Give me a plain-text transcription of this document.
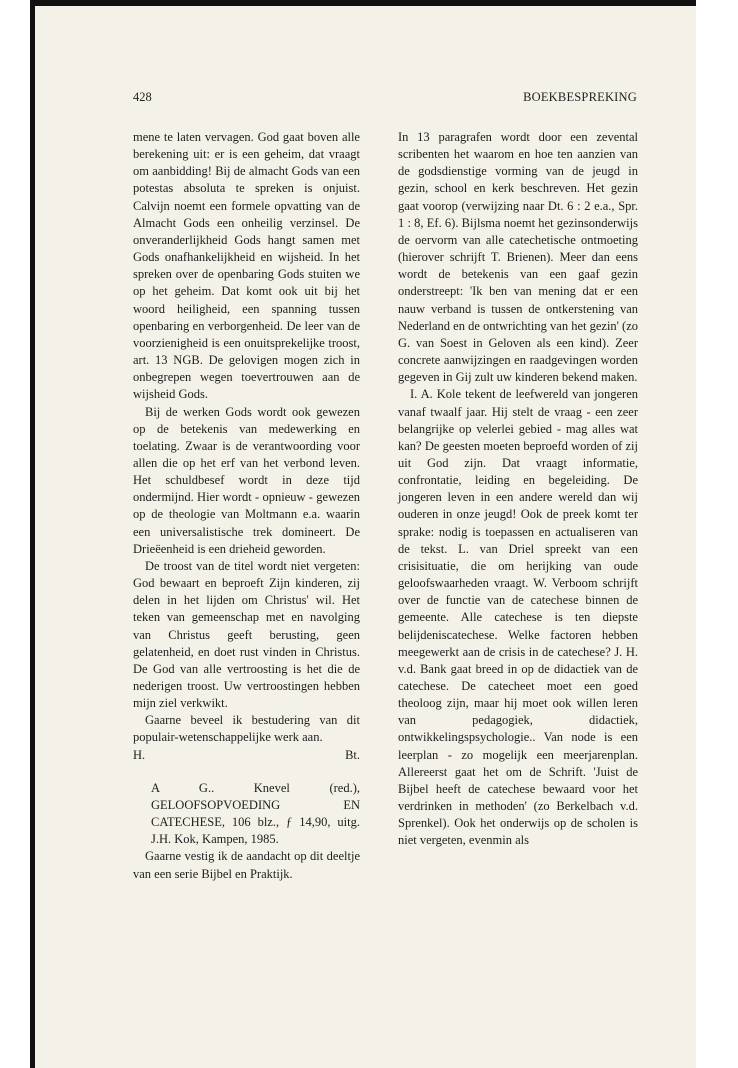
428	BOEKBESPREKING

mene te laten vervagen. God gaat boven alle berekening uit: er is een geheim, dat vraagt om aanbidding! Bij de almacht Gods van een potestas absoluta te spreken is onjuist. Calvijn noemt een formele opvatting van de Almacht Gods een onheilig verzinsel. De onveranderlijkheid Gods hangt samen met Gods onafhankelijkheid en wijsheid. In het spreken over de openbaring Gods stuiten we op het geheim. Dat komt ook uit bij het woord heiligheid, een spanning tussen openbaring en verborgenheid. De leer van de voorzienigheid is een onuitsprekelijke troost, art. 13 NGB. De gelovigen mogen zich in onbegrepen wegen toevertrouwen aan de wijsheid Gods.

Bij de werken Gods wordt ook gewezen op de betekenis van medewerking en toelating. Zwaar is de verantwoording voor allen die op het erf van het verbond leven. Het schuldbesef wordt in deze tijd ondermijnd. Hier wordt - opnieuw - gewezen op de theologie van Moltmann e.a. waarin een universalistische trek domineert. De Drieëenheid is een drieheid geworden.

De troost van de titel wordt niet vergeten: God bewaart en beproeft Zijn kinderen, zij delen in het lijden om Christus' wil. Het teken van gemeenschap met en navolging van Christus geeft berusting, geen gelatenheid, en doet rust vinden in Christus. De God van alle vertroosting is het die de nederigen troost. Uw vertroostingen hebben mijn ziel verkwikt.

Gaarne beveel ik bestudering van dit populair-wetenschappelijke werk aan.

H.	Bt.

A G.. Knevel (red.), GELOOFSOPVOEDING EN CATECHESE, 106 blz., ƒ 14,90, uitg. J.H. Kok, Kampen, 1985.

Gaarne vestig ik de aandacht op dit deeltje van een serie Bijbel en Praktijk.

In 13 paragrafen wordt door een zevental scribenten het waarom en hoe ten aanzien van de godsdienstige vorming van de jeugd in gezin, school en kerk beschreven. Het gezin gaat voorop (verwijzing naar Dt. 6 : 2 e.a., Spr. 1 : 8, Ef. 6). Bijlsma noemt het gezinsonderwijs de oervorm van alle catechetische ontmoeting (hierover schrijft T. Brienen). Meer dan eens wordt de betekenis van een gaaf gezin onderstreept: 'Ik ben van mening dat er een nauw verband is tussen de ontkerstening van Nederland en de ontwrichting van het gezin' (zo G. van Soest in Geloven als een kind). Zeer concrete aanwijzingen en raadgevingen worden gegeven in Gij zult uw kinderen bekend maken.

I. A. Kole tekent de leefwereld van jongeren vanaf twaalf jaar. Hij stelt de vraag - een zeer belangrijke op velerlei gebied - mag alles wat kan? De geesten moeten beproefd worden of zij uit God zijn. Dat vraagt informatie, confrontatie, leiding en begeleiding. De jongeren leven in een andere wereld dan wij ouderen in onze jeugd! Ook de preek komt ter sprake: nodig is toepassen en actualiseren van de tekst. L. van Driel spreekt van een crisisituatie, die om herijking van oude geloofswaarheden vraagt. W. Verboom schrijft over de functie van de catechese binnen de gemeente. Alle catechese is ten diepste belijdeniscatechese. Welke factoren hebben meegewerkt aan de crisis in de catechese? J. H. v.d. Bank gaat breed in op de didactiek van de catechese. De catecheet moet een goed theoloog zijn, maar hij moet ook willen leren van pedagogiek, didactiek, ontwikkelingspsychologie.. Van node is een leerplan - zo mogelijk een meerjarenplan. Allereerst gaat het om de Schrift. 'Juist de Bijbel heeft de catechese bewaard voor het verdrinken in methoden' (zo Berkelbach v.d. Sprenkel). Ook het onderwijs op de scholen is niet vergeten, evenmin als
